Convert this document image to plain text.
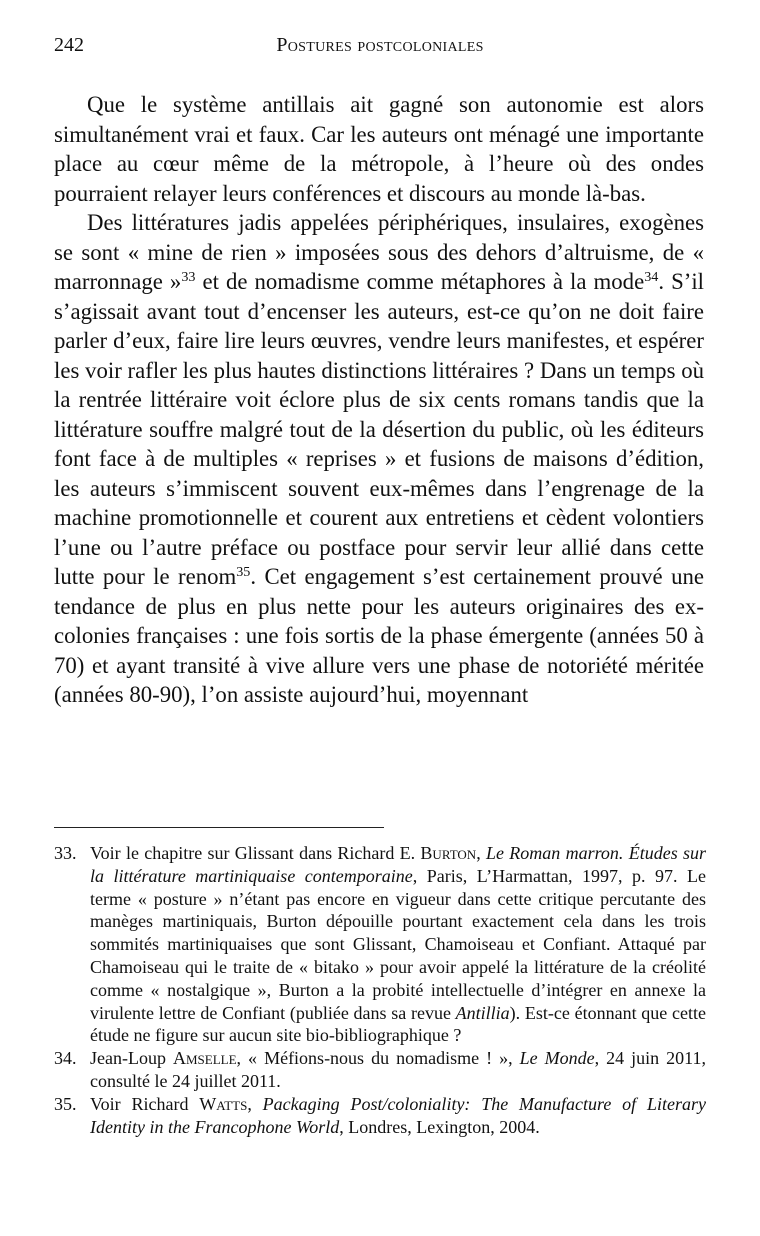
242	Postures postcoloniales

Que le système antillais ait gagné son autonomie est alors simultanément vrai et faux. Car les auteurs ont ménagé une importante place au cœur même de la métropole, à l’heure où des ondes pourraient relayer leurs conférences et discours au monde là-bas.

Des littératures jadis appelées périphériques, insulaires, exogènes se sont « mine de rien » imposées sous des dehors d’altruisme, de « marronnage »$^{33}$ et de nomadisme comme métaphores à la mode$^{34}$. S’il s’agissait avant tout d’encenser les auteurs, est-ce qu’on ne doit faire parler d’eux, faire lire leurs œuvres, vendre leurs manifestes, et espérer les voir rafler les plus hautes distinctions littéraires ? Dans un temps où la rentrée littéraire voit éclore plus de six cents romans tandis que la littérature souffre malgré tout de la désertion du public, où les éditeurs font face à de multiples « reprises » et fusions de maisons d’édition, les auteurs s’immiscent souvent eux-mêmes dans l’engrenage de la machine promotionnelle et courent aux entretiens et cèdent volontiers l’une ou l’autre préface ou postface pour servir leur allié dans cette lutte pour le renom$^{35}$. Cet engagement s’est certainement prouvé une tendance de plus en plus nette pour les auteurs originaires des ex-colonies françaises : une fois sortis de la phase émergente (années 50 à 70) et ayant transité à vive allure vers une phase de notoriété méritée (années 80-90), l’on assiste aujourd’hui, moyennant

33. Voir le chapitre sur Glissant dans Richard E. Burton, Le Roman marron. Études sur la littérature martiniquaise contemporaine, Paris, L’Harmattan, 1997, p. 97. Le terme « posture » n’étant pas encore en vigueur dans cette critique percutante des manèges martiniquais, Burton dépouille pourtant exactement cela dans les trois sommités martiniquaises que sont Glissant, Chamoiseau et Confiant. Attaqué par Chamoiseau qui le traite de « bitako » pour avoir appelé la littérature de la créolité comme « nostalgique », Burton a la probité intellectuelle d’intégrer en annexe la virulente lettre de Confiant (publiée dans sa revue Antillia). Est-ce étonnant que cette étude ne figure sur aucun site bio-bibliographique ?
34. Jean-Loup Amselle, « Méfions-nous du nomadisme ! », Le Monde, 24 juin 2011, consulté le 24 juillet 2011.
35. Voir Richard Watts, Packaging Post/coloniality: The Manufacture of Literary Identity in the Francophone World, Londres, Lexington, 2004.
